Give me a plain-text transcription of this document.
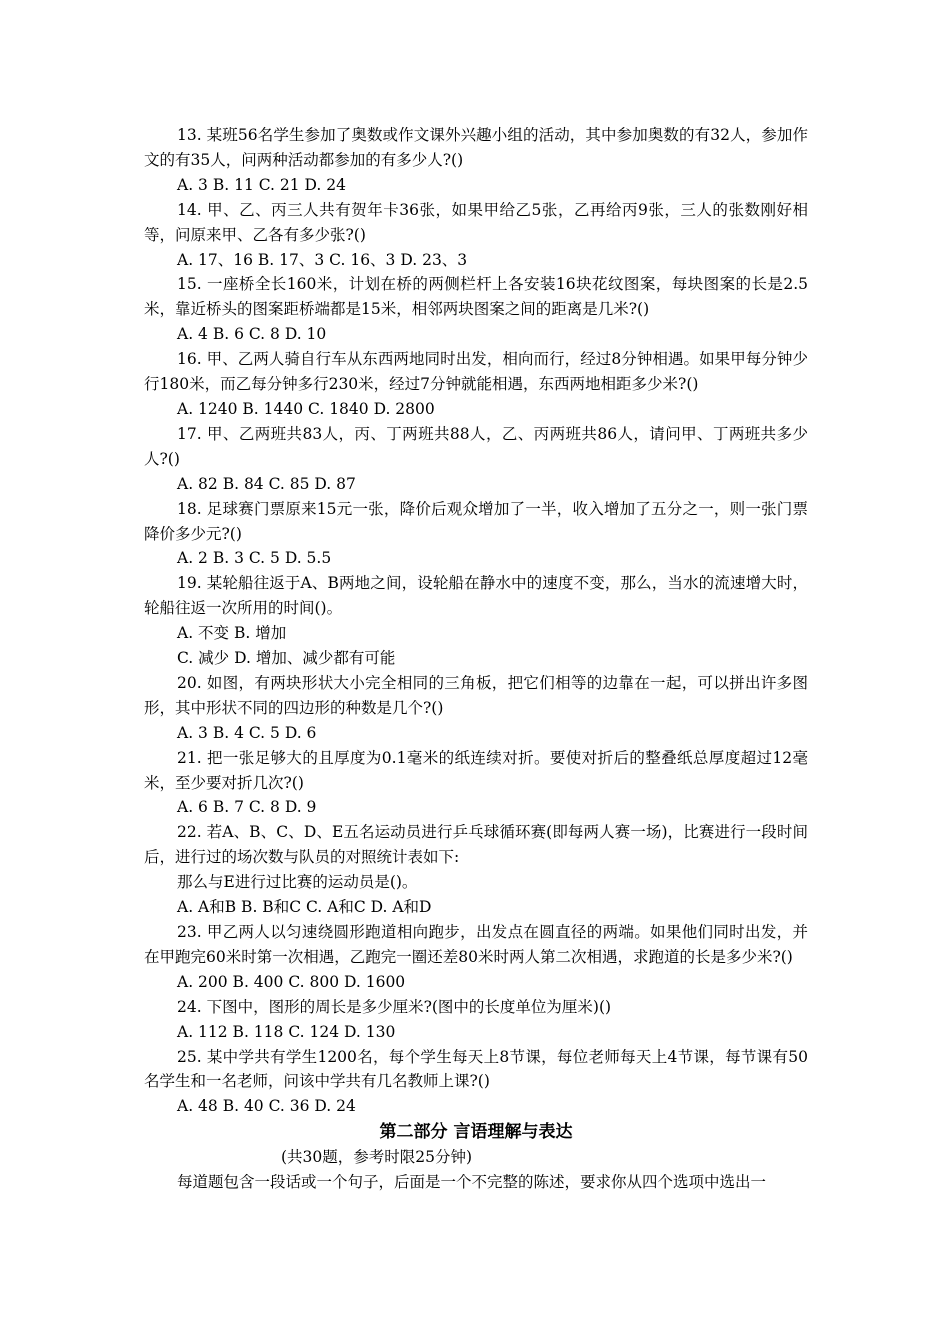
13. 某班56名学生参加了奥数或作文课外兴趣小组的活动，其中参加奥数的有32人，参加作文的有35人，问两种活动都参加的有多少人?()

A. 3 B. 11 C. 21 D. 24

14. 甲、乙、丙三人共有贺年卡36张，如果甲给乙5张，乙再给丙9张，三人的张数刚好相等，问原来甲、乙各有多少张?()

A. 17、16 B. 17、3 C. 16、3 D. 23、3

15. 一座桥全长160米，计划在桥的两侧栏杆上各安装16块花纹图案，每块图案的长是2.5米，靠近桥头的图案距桥端都是15米，相邻两块图案之间的距离是几米?()

A. 4 B. 6 C. 8 D. 10

16. 甲、乙两人骑自行车从东西两地同时出发，相向而行，经过8分钟相遇。如果甲每分钟少行180米，而乙每分钟多行230米，经过7分钟就能相遇，东西两地相距多少米?()

A. 1240 B. 1440 C. 1840 D. 2800

17. 甲、乙两班共83人，丙、丁两班共88人，乙、丙两班共86人，请问甲、丁两班共多少人?()

A. 82 B. 84 C. 85 D. 87

18. 足球赛门票原来15元一张，降价后观众增加了一半，收入增加了五分之一，则一张门票降价多少元?()

A. 2 B. 3 C. 5 D. 5.5

19. 某轮船往返于A、B两地之间，设轮船在静水中的速度不变，那么，当水的流速增大时，轮船往返一次所用的时间()。

A. 不变 B. 增加

C. 减少 D. 增加、减少都有可能

20. 如图，有两块形状大小完全相同的三角板，把它们相等的边靠在一起，可以拼出许多图形，其中形状不同的四边形的种数是几个?()

A. 3 B. 4 C. 5 D. 6

21. 把一张足够大的且厚度为0.1毫米的纸连续对折。要使对折后的整叠纸总厚度超过12毫米，至少要对折几次?()

A. 6 B. 7 C. 8 D. 9

22. 若A、B、C、D、E五名运动员进行乒乓球循环赛(即每两人赛一场)，比赛进行一段时间后，进行过的场次数与队员的对照统计表如下:

那么与E进行过比赛的运动员是()。

A. A和B B. B和C C. A和C D. A和D

23. 甲乙两人以匀速绕圆形跑道相向跑步，出发点在圆直径的两端。如果他们同时出发，并在甲跑完60米时第一次相遇，乙跑完一圈还差80米时两人第二次相遇，求跑道的长是多少米?()

A. 200 B. 400 C. 800 D. 1600

24. 下图中，图形的周长是多少厘米?(图中的长度单位为厘米)()

A. 112 B. 118 C. 124 D. 130

25. 某中学共有学生1200名，每个学生每天上8节课，每位老师每天上4节课，每节课有50名学生和一名老师，问该中学共有几名教师上课?()

A. 48 B. 40 C. 36 D. 24

第二部分 言语理解与表达

(共30题，参考时限25分钟)

每道题包含一段话或一个句子，后面是一个不完整的陈述，要求你从四个选项中选出一
